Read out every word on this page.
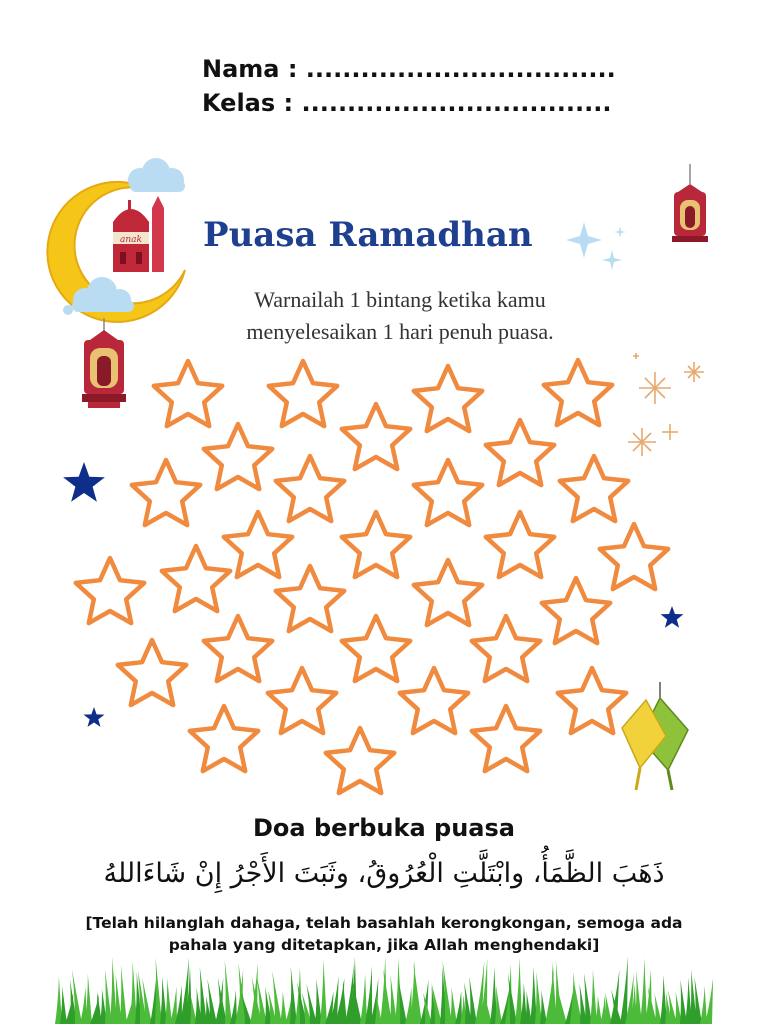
anak
Nama : ..................................
Kelas : ..................................
Puasa Ramadhan
Warnailah 1 bintang ketika kamu
menyelesaikan 1 hari penuh puasa.
Doa berbuka puasa
ذَهَبَ الظَّمَأُ، وابْتَلَّتِ الْعُرُوقُ، وثَبَتَ الأَجْرُ إِنْ شَاءَاللهُ
[Telah hilanglah dahaga, telah basahlah kerongkongan, semoga ada pahala yang ditetapkan, jika Allah menghendaki]
